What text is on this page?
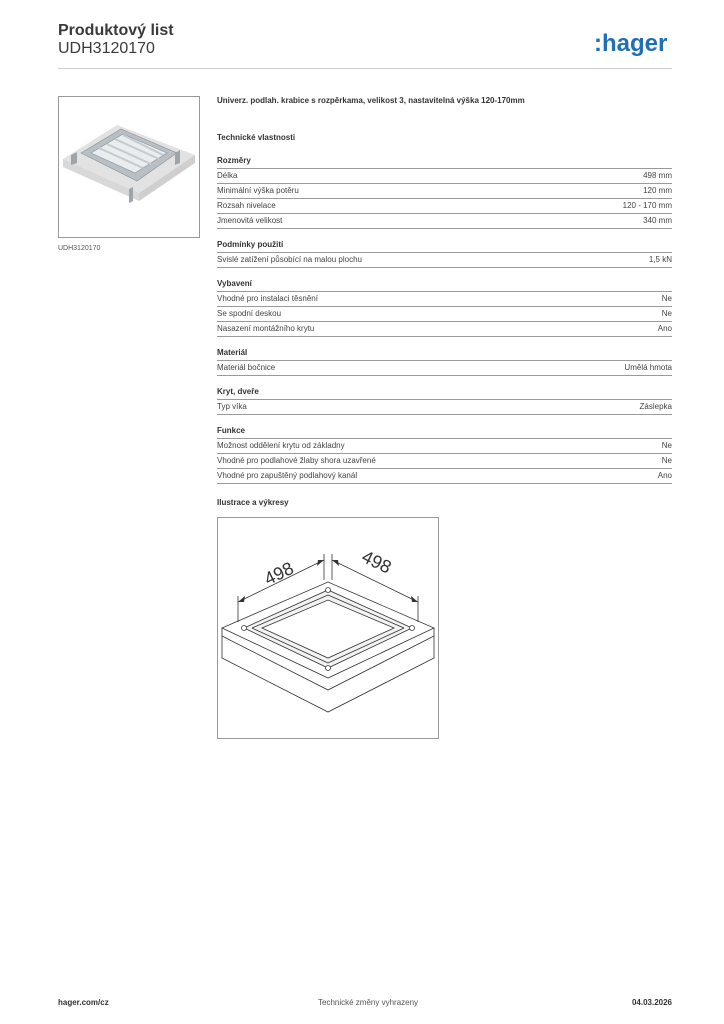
Produktový list
UDH3120170	:hager
UDH3120170
Univerz. podlah. krabice s rozpěrkama, velikost 3, nastavitelná výška 120-170mm
Technické vlastnosti
Rozměry
Délka	498 mm
Minimální výška potěru	120 mm
Rozsah nivelace	120 - 170 mm
Jmenovitá velikost	340 mm
Podmínky použití
Svislé zatížení působící na malou plochu	1,5 kN
Vybavení
Vhodné pro instalaci těsnění	Ne
Se spodní deskou	Ne
Nasazení montážního krytu	Ano
Materiál
Materiál bočnice	Umělá hmota
Kryt, dveře
Typ víka	Záslepka
Funkce
Možnost oddělení krytu od základny	Ne
Vhodné pro podlahové žlaby shora uzavřené	Ne
Vhodné pro zapuštěný podlahový kanál	Ano
Ilustrace a výkresy
498	498
hager.com/cz	Technické změny vyhrazeny	04.03.2026
